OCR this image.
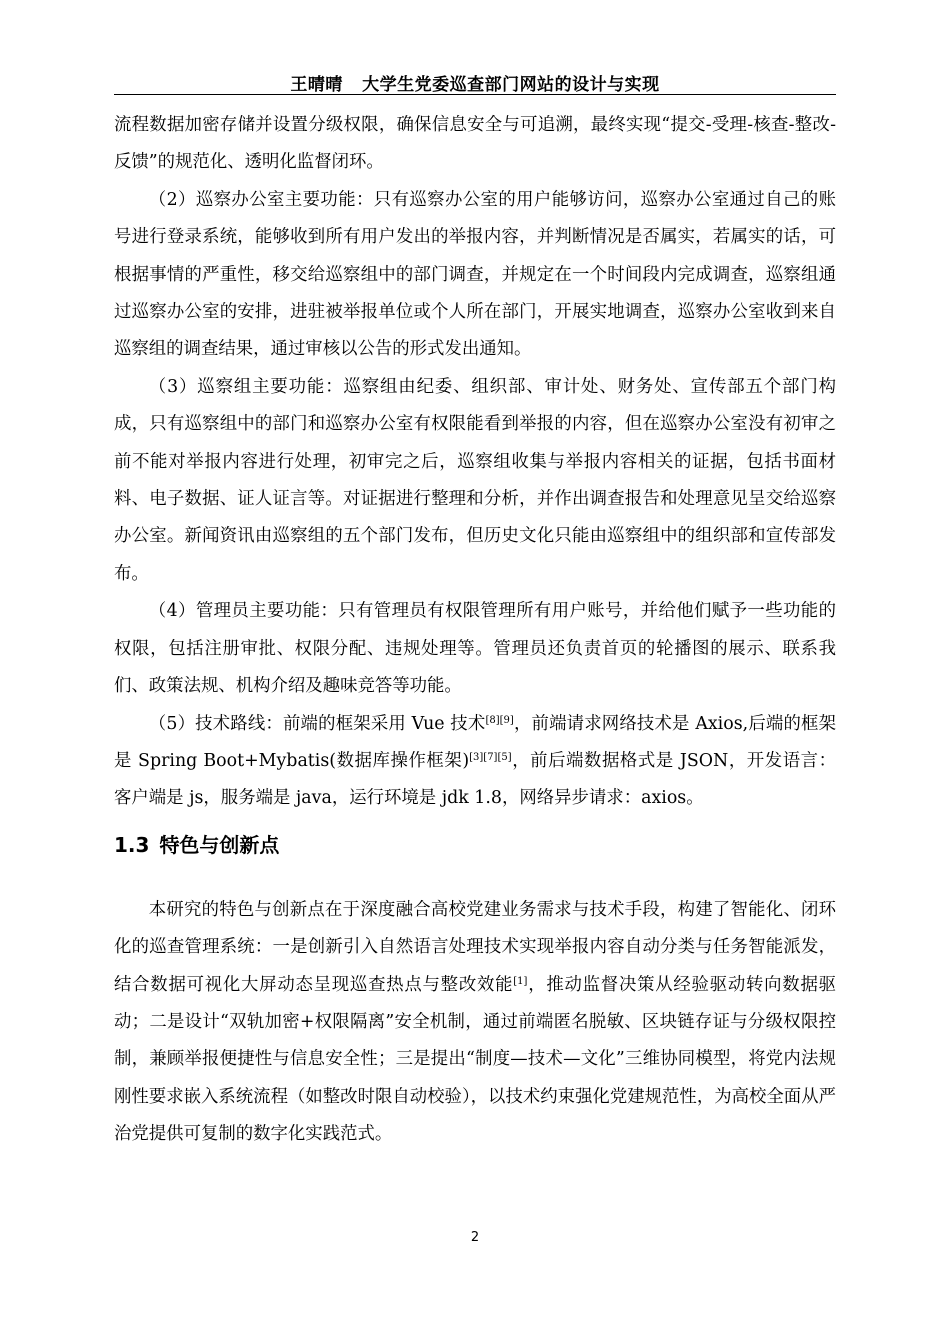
王晴晴 大学生党委巡查部门网站的设计与实现

流程数据加密存储并设置分级权限，确保信息安全与可追溯，最终实现“提交-受理-核查-整改-反馈”的规范化、透明化监督闭环。

（2）巡察办公室主要功能：只有巡察办公室的用户能够访问，巡察办公室通过自己的账号进行登录系统，能够收到所有用户发出的举报内容，并判断情况是否属实，若属实的话，可根据事情的严重性，移交给巡察组中的部门调查，并规定在一个时间段内完成调查，巡察组通过巡察办公室的安排，进驻被举报单位或个人所在部门，开展实地调查，巡察办公室收到来自巡察组的调查结果，通过审核以公告的形式发出通知。

（3）巡察组主要功能：巡察组由纪委、组织部、审计处、财务处、宣传部五个部门构成，只有巡察组中的部门和巡察办公室有权限能看到举报的内容，但在巡察办公室没有初审之前不能对举报内容进行处理，初审完之后，巡察组收集与举报内容相关的证据，包括书面材料、电子数据、证人证言等。对证据进行整理和分析，并作出调查报告和处理意见呈交给巡察办公室。新闻资讯由巡察组的五个部门发布，但历史文化只能由巡察组中的组织部和宣传部发布。

（4）管理员主要功能：只有管理员有权限管理所有用户账号，并给他们赋予一些功能的权限，包括注册审批、权限分配、违规处理等。管理员还负责首页的轮播图的展示、联系我们、政策法规、机构介绍及趣味竞答等功能。

（5）技术路线：前端的框架采用 Vue 技术[8][9]，前端请求网络技术是 Axios,后端的框架是 Spring Boot+Mybatis(数据库操作框架)[3][7][5]，前后端数据格式是 JSON，开发语言：客户端是 js，服务端是 java，运行环境是 jdk 1.8，网络异步请求：axios。

1.3 特色与创新点

本研究的特色与创新点在于深度融合高校党建业务需求与技术手段，构建了智能化、闭环化的巡查管理系统：一是创新引入自然语言处理技术实现举报内容自动分类与任务智能派发，结合数据可视化大屏动态呈现巡查热点与整改效能[1]，推动监督决策从经验驱动转向数据驱动；二是设计“双轨加密+权限隔离”安全机制，通过前端匿名脱敏、区块链存证与分级权限控制，兼顾举报便捷性与信息安全性；三是提出“制度—技术—文化”三维协同模型，将党内法规刚性要求嵌入系统流程（如整改时限自动校验），以技术约束强化党建规范性，为高校全面从严治党提供可复制的数字化实践范式。

2
